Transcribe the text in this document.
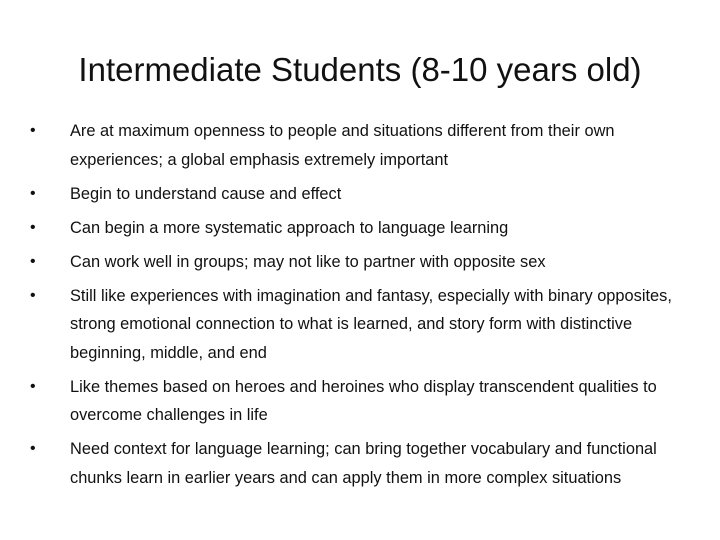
Intermediate Students (8-10 years old)
•	Are at maximum openness to people and situations different from their own experiences; a global emphasis extremely important
•	Begin to understand cause and effect
•	Can begin a more systematic approach to language learning
•	Can work well in groups; may not like to partner with opposite sex
•	Still like experiences with imagination and fantasy, especially with binary opposites, strong emotional connection to what is learned, and story form with distinctive beginning, middle, and end
•	Like themes based on heroes and heroines who display transcendent qualities to overcome challenges in life
•	Need context for language learning; can bring together vocabulary and functional chunks learn in earlier years and can apply them in more complex situations
